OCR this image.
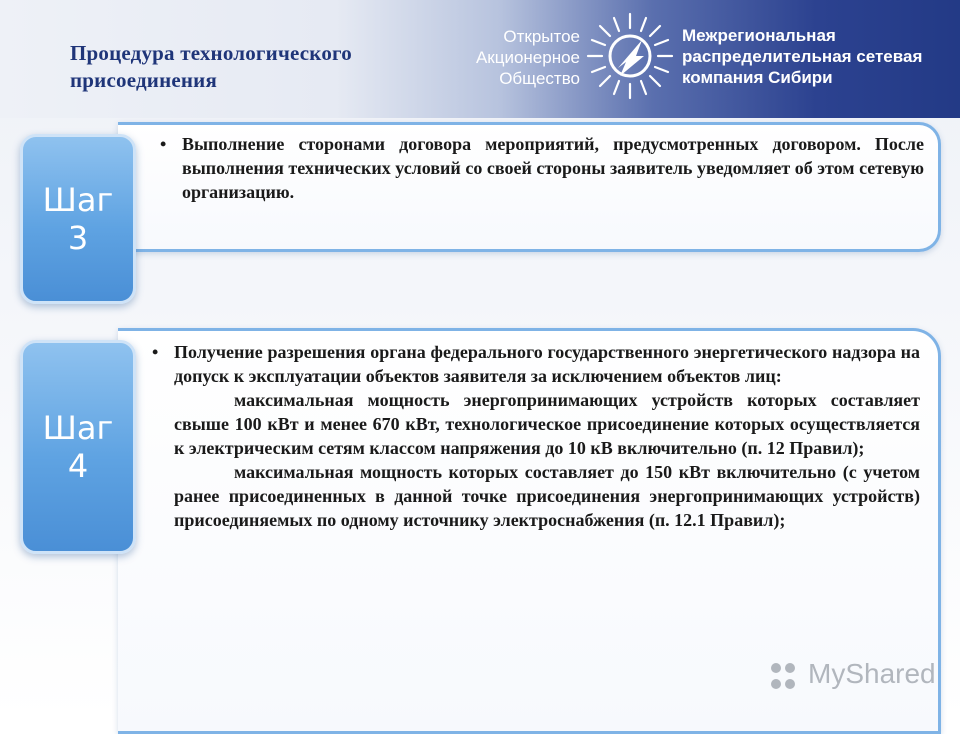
Процедура технологического присоединения
Открытое
Акционерное
Общество
Межрегиональная
распределительная сетевая
компания Сибири
Шаг
3
• Выполнение сторонами договора мероприятий, предусмотренных договором. После выполнения технических условий со своей стороны заявитель уведомляет об этом сетевую организацию.
Шаг
4
• Получение разрешения органа федерального государственного энергетического надзора на допуск к эксплуатации объектов заявителя за исключением объектов лиц:
максимальная мощность энергопринимающих устройств которых составляет свыше 100 кВт и менее 670 кВт, технологическое присоединение которых осуществляется к электрическим сетям классом напряжения до 10 кВ включительно (п. 12 Правил);
максимальная мощность которых составляет до 150 кВт включительно (с учетом ранее присоединенных в данной точке присоединения энергопринимающих устройств) присоединяемых по одному источнику электроснабжения (п. 12.1 Правил);
MyShared
